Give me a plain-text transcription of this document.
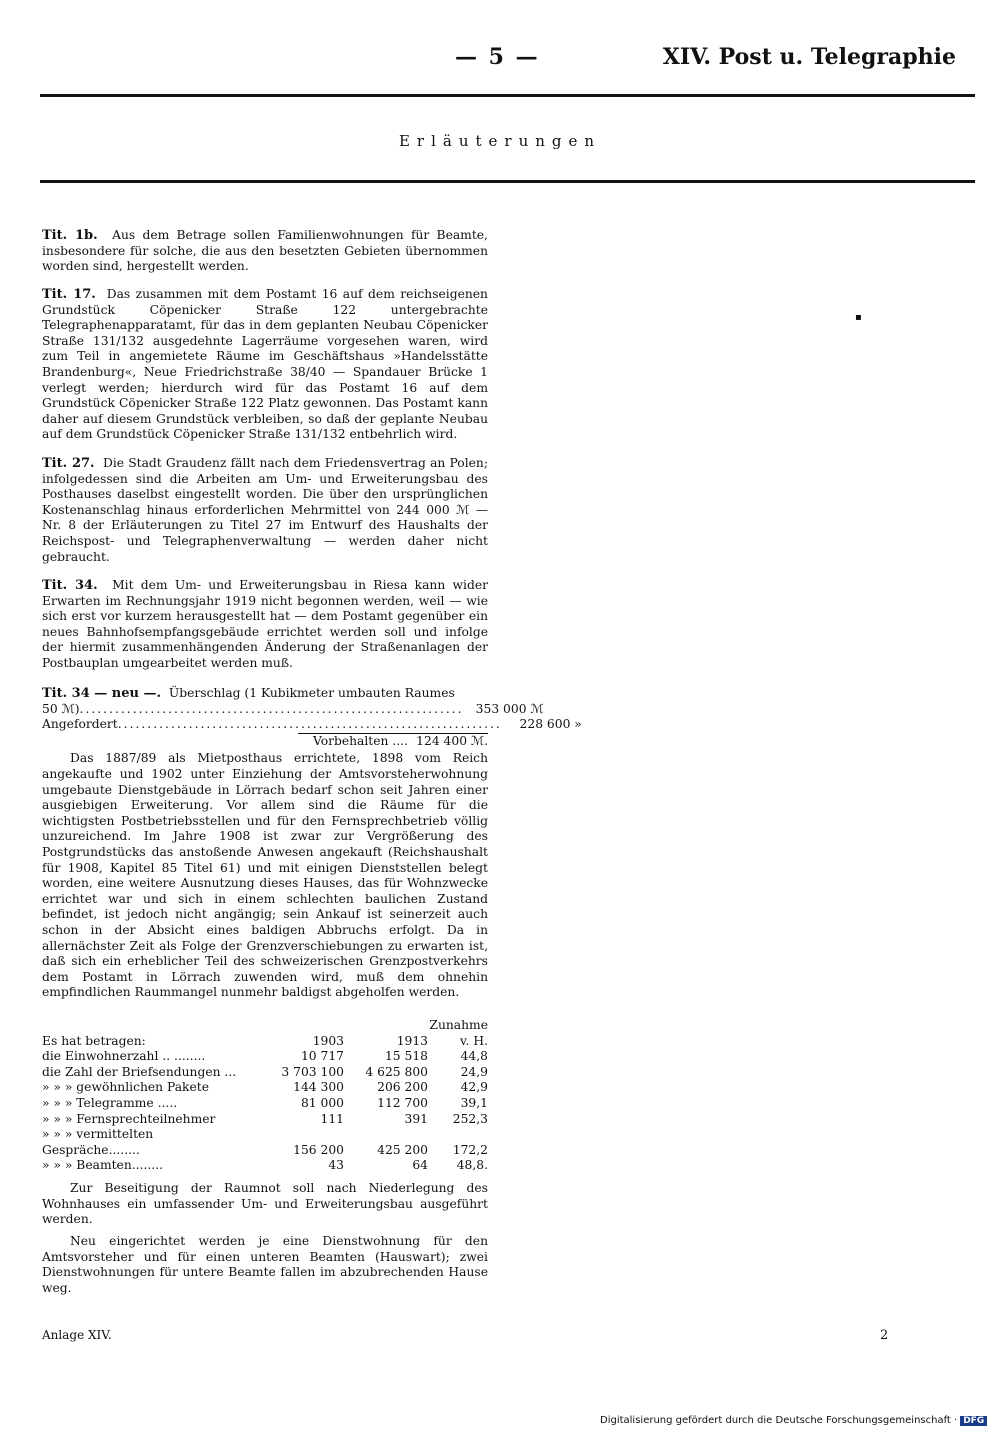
— 5 —	XIV. Post u. Telegraphie
Erläuterungen
▪

Tit. 1b. Aus dem Betrage sollen Familienwohnungen für Beamte, insbesondere für solche, die aus den besetzten Gebieten übernommen worden sind, hergestellt werden.

Tit. 17. Das zusammen mit dem Postamt 16 auf dem reichseigenen Grundstück Cöpenicker Straße 122 untergebrachte Telegraphenapparatamt, für das in dem geplanten Neubau Cöpenicker Straße 131/132 ausgedehnte Lagerräume vorgesehen waren, wird zum Teil in angemietete Räume im Geschäftshaus »Handelsstätte Brandenburg«, Neue Friedrichstraße 38/40 — Spandauer Brücke 1 verlegt werden; hierdurch wird für das Postamt 16 auf dem Grundstück Cöpenicker Straße 122 Platz gewonnen. Das Postamt kann daher auf diesem Grundstück verbleiben, so daß der geplante Neubau auf dem Grundstück Cöpenicker Straße 131/132 entbehrlich wird.

Tit. 27. Die Stadt Graudenz fällt nach dem Friedensvertrag an Polen; infolgedessen sind die Arbeiten am Um- und Erweiterungsbau des Posthauses daselbst eingestellt worden. Die über den ursprünglichen Kostenanschlag hinaus erforderlichen Mehrmittel von 244 000 ℳ — Nr. 8 der Erläuterungen zu Titel 27 im Entwurf des Haushalts der Reichspost- und Telegraphenverwaltung — werden daher nicht gebraucht.

Tit. 34. Mit dem Um- und Erweiterungsbau in Riesa kann wider Erwarten im Rechnungsjahr 1919 nicht begonnen werden, weil — wie sich erst vor kurzem herausgestellt hat — dem Postamt gegenüber ein neues Bahnhofsempfangsgebäude errichtet werden soll und infolge der hiermit zusammenhängenden Änderung der Straßenanlagen der Postbauplan umgearbeitet werden muß.

Tit. 34 — neu —. Überschlag (1 Kubikmeter umbauten Raumes

50 ℳ) ................................................................. 353 000 ℳ
Angefordert .................................................................	228 600 »
Vorbehalten .... 124 400 ℳ.

Das 1887/89 als Mietposthaus errichtete, 1898 vom Reich angekaufte und 1902 unter Einziehung der Amtsvorsteherwohnung umgebaute Dienstgebäude in Lörrach bedarf schon seit Jahren einer ausgiebigen Erweiterung. Vor allem sind die Räume für die wichtigsten Postbetriebsstellen und für den Fernsprechbetrieb völlig unzureichend. Im Jahre 1908 ist zwar zur Vergrößerung des Postgrundstücks das anstoßende Anwesen angekauft (Reichshaushalt für 1908, Kapitel 85 Titel 61) und mit einigen Dienststellen belegt worden, eine weitere Ausnutzung dieses Hauses, das für Wohnzwecke errichtet war und sich in einem schlechten baulichen Zustand befindet, ist jedoch nicht angängig; sein Ankauf ist seinerzeit auch schon in der Absicht eines baldigen Abbruchs erfolgt. Da in allernächster Zeit als Folge der Grenzverschiebungen zu erwarten ist, daß sich ein erheblicher Teil des schweizerischen Grenzpostverkehrs dem Postamt in Lörrach zuwenden wird, muß dem ohnehin empfindlichen Raummangel nunmehr baldigst abgeholfen werden.

Es hat betragen:	1903	1913	Zunahme v. H.
die Einwohnerzahl .. ........	10 717	15 518	44,8
die Zahl der Briefsendungen ...	3 703 100	4 625 800	24,9
» » » gewöhnlichen Pakete	144 300	206 200	42,9
» » » Telegramme .....	81 000	112 700	39,1
» » » Fernsprechteilnehmer	111	391	252,3
» » » vermittelten Gespräche........	156 200	425 200	172,2
» » » Beamten........	43	64	48,8.

Zur Beseitigung der Raumnot soll nach Niederlegung des Wohnhauses ein umfassender Um- und Erweiterungsbau ausgeführt werden.

Neu eingerichtet werden je eine Dienstwohnung für den Amtsvorsteher und für einen unteren Beamten (Hauswart); zwei Dienstwohnungen für untere Beamte fallen im abzubrechenden Hause weg.

Anlage XIV.	2
Digitalisierung gefördert durch die Deutsche Forschungsgemeinschaft · DFG
